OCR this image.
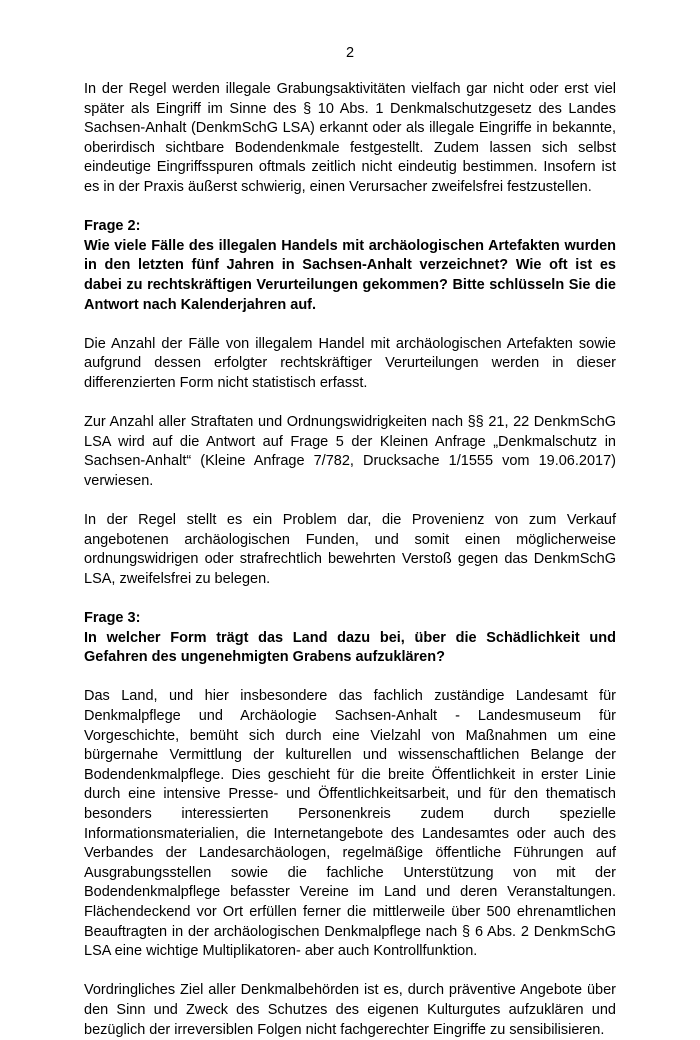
2

In der Regel werden illegale Grabungsaktivitäten vielfach gar nicht oder erst viel später als Eingriff im Sinne des § 10 Abs. 1 Denkmalschutzgesetz des Landes Sachsen-Anhalt (DenkmSchG LSA) erkannt oder als illegale Eingriffe in bekannte, oberirdisch sichtbare Bodendenkmale festgestellt. Zudem lassen sich selbst eindeutige Eingriffsspuren oftmals zeitlich nicht eindeutig bestimmen. Insofern ist es in der Praxis äußerst schwierig, einen Verursacher zweifelsfrei festzustellen.

Frage 2:

Wie viele Fälle des illegalen Handels mit archäologischen Artefakten wurden in den letzten fünf Jahren in Sachsen-Anhalt verzeichnet? Wie oft ist es dabei zu rechtskräftigen Verurteilungen gekommen? Bitte schlüsseln Sie die Antwort nach Kalenderjahren auf.

Die Anzahl der Fälle von illegalem Handel mit archäologischen Artefakten sowie aufgrund dessen erfolgter rechtskräftiger Verurteilungen werden in dieser differenzierten Form nicht statistisch erfasst.

Zur Anzahl aller Straftaten und Ordnungswidrigkeiten nach §§ 21, 22 DenkmSchG LSA wird auf die Antwort auf Frage 5 der Kleinen Anfrage „Denkmalschutz in Sachsen-Anhalt“ (Kleine Anfrage 7/782, Drucksache 1/1555 vom 19.06.2017) verwiesen.

In der Regel stellt es ein Problem dar, die Provenienz von zum Verkauf angebotenen archäologischen Funden, und somit einen möglicherweise ordnungswidrigen oder strafrechtlich bewehrten Verstoß gegen das DenkmSchG LSA, zweifelsfrei zu belegen.

Frage 3:

In welcher Form trägt das Land dazu bei, über die Schädlichkeit und Gefahren des ungenehmigten Grabens aufzuklären?

Das Land, und hier insbesondere das fachlich zuständige Landesamt für Denkmalpflege und Archäologie Sachsen-Anhalt - Landesmuseum für Vorgeschichte, bemüht sich durch eine Vielzahl von Maßnahmen um eine bürgernahe Vermittlung der kulturellen und wissenschaftlichen Belange der Bodendenkmalpflege. Dies geschieht für die breite Öffentlichkeit in erster Linie durch eine intensive Presse- und Öffentlichkeitsarbeit, und für den thematisch besonders interessierten Personenkreis zudem durch spezielle Informationsmaterialien, die Internetangebote des Landesamtes oder auch des Verbandes der Landesarchäologen, regelmäßige öffentliche Führungen auf Ausgrabungsstellen sowie die fachliche Unterstützung von mit der Bodendenkmalpflege befasster Vereine im Land und deren Veranstaltungen. Flächendeckend vor Ort erfüllen ferner die mittlerweile über 500 ehrenamtlichen Beauftragten in der archäologischen Denkmalpflege nach § 6 Abs. 2 DenkmSchG LSA eine wichtige Multiplikatoren- aber auch Kontrollfunktion.

Vordringliches Ziel aller Denkmalbehörden ist es, durch präventive Angebote über den Sinn und Zweck des Schutzes des eigenen Kulturgutes aufzuklären und bezüglich der irreversiblen Folgen nicht fachgerechter Eingriffe zu sensibilisieren.
